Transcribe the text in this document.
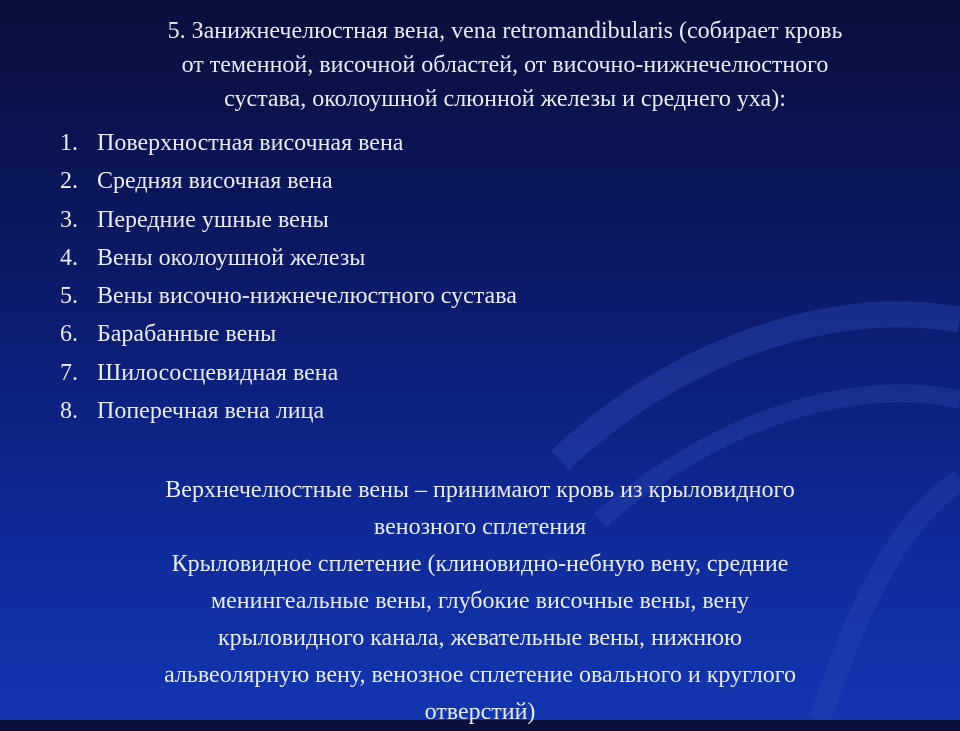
5. Занижнечелюстная вена, vena retromandibularis (собирает кровь
от теменной, височной областей, от височно-нижнечелюстного
сустава, околоушной слюнной железы и среднего уха):
1. Поверхностная височная вена
2. Средняя височная вена
3. Передние ушные вены
4. Вены околоушной железы
5. Вены височно-нижнечелюстного сустава
6. Барабанные вены
7. Шилососцевидная вена
8. Поперечная вена лица
Верхнечелюстные вены – принимают кровь из крыловидного
венозного сплетения
Крыловидное сплетение (клиновидно-небную вену, средние
менингеальные вены, глубокие височные вены, вену
крыловидного канала, жевательные вены, нижнюю
альвеолярную вену, венозное сплетение овального и круглого
отверстий)
